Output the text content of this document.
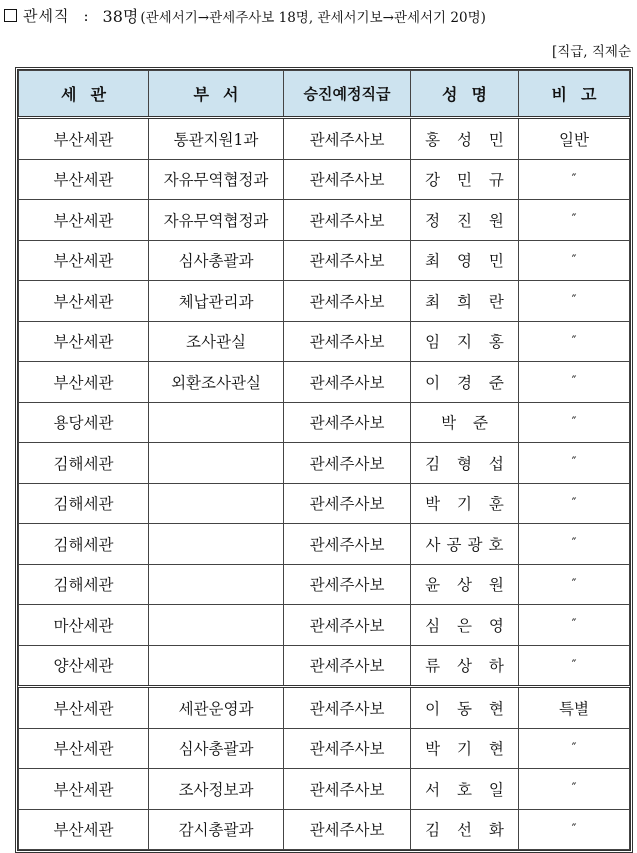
관세직 : 38명 (관세서기→관세주사보 18명, 관세서기보→관세서기 20명)
[직급, 직제순
세관	부서	승진예정직급	성명	비고
부산세관	통관지원1과	관세주사보	홍 성 민	일반
부산세관	자유무역협정과	관세주사보	강 민 규	″
부산세관	자유무역협정과	관세주사보	정 진 원	″
부산세관	심사총괄과	관세주사보	최 영 민	″
부산세관	체납관리과	관세주사보	최 희 란	″
부산세관	조사관실	관세주사보	임 지 홍	″
부산세관	외환조사관실	관세주사보	이 경 준	″
용당세관		관세주사보	박 준	″
김해세관		관세주사보	김 형 섭	″
김해세관		관세주사보	박 기 훈	″
김해세관		관세주사보	사공광호	″
김해세관		관세주사보	윤 상 원	″
마산세관		관세주사보	심 은 영	″
양산세관		관세주사보	류 상 하	″
부산세관	세관운영과	관세주사보	이 동 현	특별
부산세관	심사총괄과	관세주사보	박 기 현	″
부산세관	조사정보과	관세주사보	서 호 일	″
부산세관	감시총괄과	관세주사보	김 선 화	″
